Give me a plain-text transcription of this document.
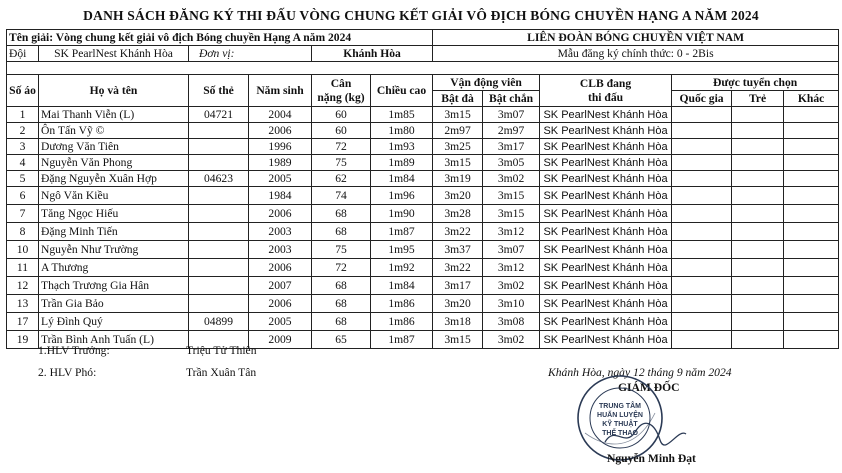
DANH SÁCH ĐĂNG KÝ THI ĐẤU VÒNG CHUNG KẾT GIẢI VÔ ĐỊCH BÓNG CHUYỀN HẠNG A NĂM 2024
Tên giải: Vòng chung kết giải vô địch Bóng chuyền Hạng A năm 2024						LIÊN ĐOÀN BÓNG CHUYỀN VIỆT NAM					
Đội	SK PearlNest Khánh Hòa	Đơn vị:		Khánh Hòa		Mẫu đăng ký chính thức: 0 - 2Bis					

Số áo	Họ và tên	Số thẻ	Năm sinh	Cân
nặng (kg)	Chiều cao	Vận động viên		CLB đang
thi đấu	Được tuyển chọn		
						Bật đà	Bật chắn		Quốc gia	Trẻ	Khác
1	Mai Thanh Viễn (L)	04721	2004	60	1m85	3m15	3m07	SK PearlNest Khánh Hòa			
2	Ôn Tấn Vỹ ©		2006	60	1m80	2m97	2m97	SK PearlNest Khánh Hòa			
3	Dương Văn Tiên		1996	72	1m93	3m25	3m17	SK PearlNest Khánh Hòa			
4	Nguyễn Văn Phong		1989	75	1m89	3m15	3m05	SK PearlNest Khánh Hòa			
5	Đặng Nguyễn Xuân Hợp	04623	2005	62	1m84	3m19	3m02	SK PearlNest Khánh Hòa			
6	Ngô Văn Kiều		1984	74	1m96	3m20	3m15	SK PearlNest Khánh Hòa			
7	Tăng Ngọc Hiếu		2006	68	1m90	3m28	3m15	SK PearlNest Khánh Hòa			
8	Đặng Minh Tiến		2003	68	1m87	3m22	3m12	SK PearlNest Khánh Hòa			
10	Nguyễn Như Trường		2003	75	1m95	3m37	3m07	SK PearlNest Khánh Hòa			
11	A Thương		2006	72	1m92	3m22	3m12	SK PearlNest Khánh Hòa			
12	Thạch Trương Gia Hân		2007	68	1m84	3m17	3m02	SK PearlNest Khánh Hòa			
13	Trần Gia Bảo		2006	68	1m86	3m20	3m10	SK PearlNest Khánh Hòa			
17	Lý Đình Quý	04899	2005	68	1m86	3m18	3m08	SK PearlNest Khánh Hòa			
19	Trần Bình Anh Tuấn (L)		2009	65	1m87	3m15	3m02	SK PearlNest Khánh Hòa			
1.HLV Trưởng:	Triệu Tử Thiên
2. HLV Phó:	Trần Xuân Tân	Khánh Hòa, ngày 12 tháng 9 năm 2024
GIÁM ĐỐC
TRUNG TÂM
HUẤN LUYỆN
KỸ THUẬT
THỂ THAO
Nguyễn Minh Đạt
